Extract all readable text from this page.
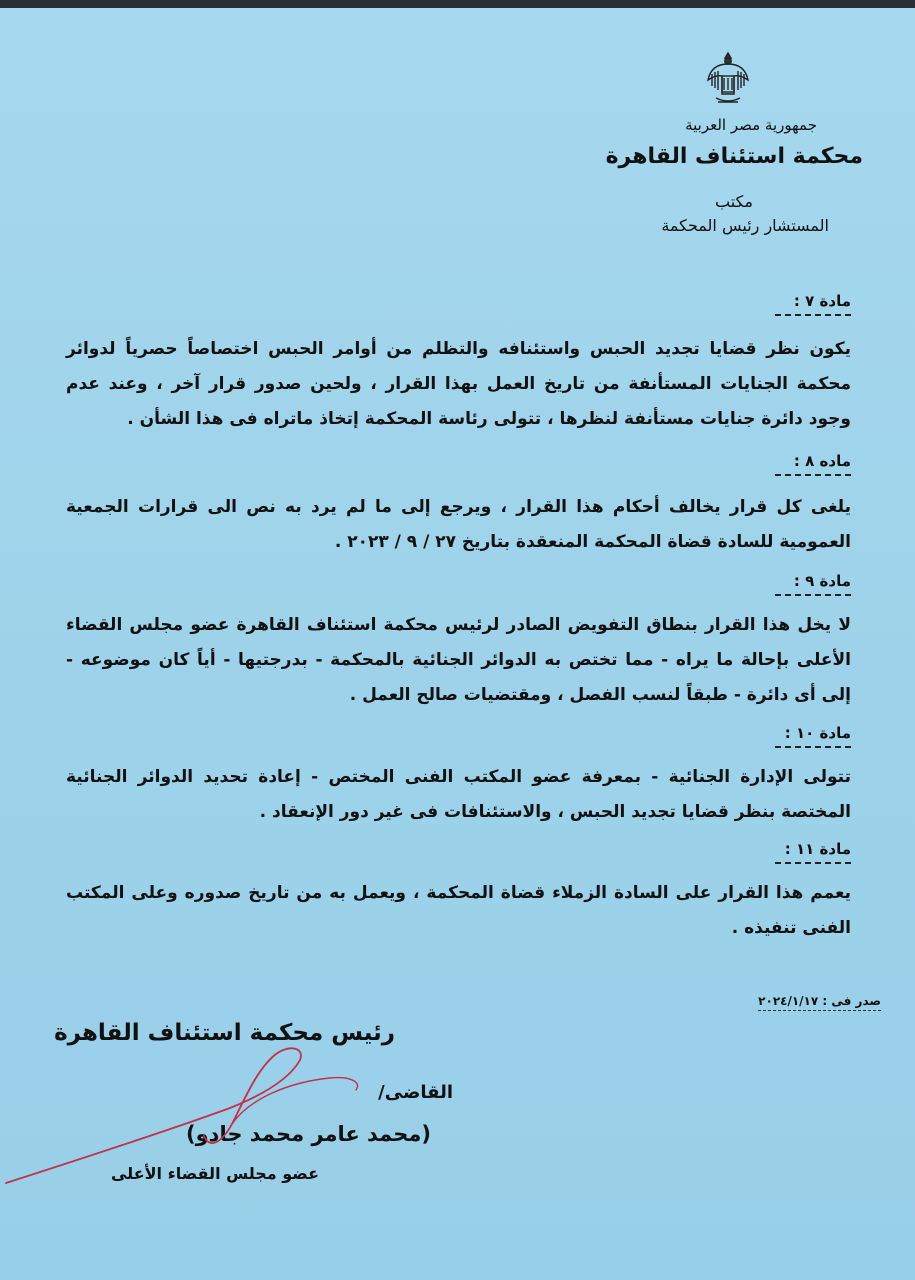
جمهورية مصر العربية
محكمة استئناف القاهرة
مكتب
المستشار رئيس المحكمة
مادة ٧ :
يكون نظر قضايا تجديد الحبس واستئنافه والتظلم من أوامر الحبس اختصاصاً حصرياً لدوائر محكمة الجنايات المستأنفة من تاريخ العمل بهذا القرار ، ولحين صدور قرار آخر ، وعند عدم وجود دائرة جنايات مستأنفة لنظرها ، تتولى رئاسة المحكمة إتخاذ ماتراه فى هذا الشأن .
ماده ٨ :
يلغى كل قرار يخالف أحكام هذا القرار ، ويرجع إلى ما لم يرد به نص الى قرارات الجمعية العمومية للسادة قضاة المحكمة المنعقدة بتاريخ ٢٧ / ٩ / ٢٠٢٣ .
مادة ٩ :
لا يخل هذا القرار بنطاق التفويض الصادر لرئيس محكمة استئناف القاهرة عضو مجلس القضاء الأعلى بإحالة ما يراه - مما تختص به الدوائر الجنائية بالمحكمة - بدرجتيها - أياً كان موضوعه - إلى أى دائرة - طبقاً لنسب الفصل ، ومقتضيات صالح العمل .
مادة ١٠ :
تتولى الإدارة الجنائية - بمعرفة عضو المكتب الفنى المختص - إعادة تحديد الدوائر الجنائية المختصة بنظر قضايا تجديد الحبس ، والاستئنافات فى غير دور الإنعقاد .
مادة ١١ :
يعمم هذا القرار على السادة الزملاء قضاة المحكمة ، ويعمل به من تاريخ صدوره وعلى المكتب الفنى تنفيذه .
صدر فى : ٢٠٢٤/١/١٧
رئيس محكمة استئناف القاهرة
القاضى/
(محمد عامر محمد جادو)
عضو مجلس القضاء الأعلى
